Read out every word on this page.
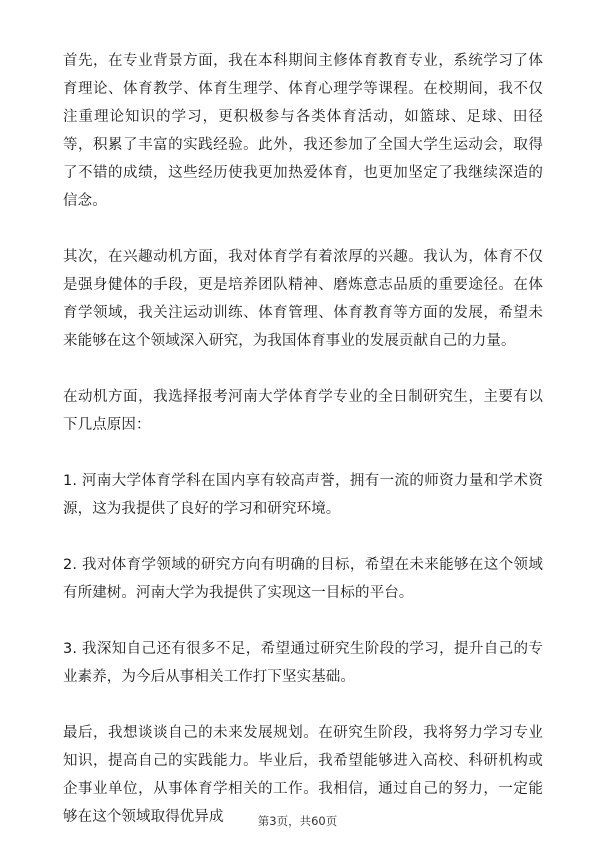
首先，在专业背景方面，我在本科期间主修体育教育专业，系统学习了体育理论、体育教学、体育生理学、体育心理学等课程。在校期间，我不仅注重理论知识的学习，更积极参与各类体育活动，如篮球、足球、田径等，积累了丰富的实践经验。此外，我还参加了全国大学生运动会，取得了不错的成绩，这些经历使我更加热爱体育，也更加坚定了我继续深造的信念。

其次，在兴趣动机方面，我对体育学有着浓厚的兴趣。我认为，体育不仅是强身健体的手段，更是培养团队精神、磨炼意志品质的重要途径。在体育学领域，我关注运动训练、体育管理、体育教育等方面的发展，希望未来能够在这个领域深入研究，为我国体育事业的发展贡献自己的力量。

在动机方面，我选择报考河南大学体育学专业的全日制研究生，主要有以下几点原因：

1. 河南大学体育学科在国内享有较高声誉，拥有一流的师资力量和学术资源，这为我提供了良好的学习和研究环境。

2. 我对体育学领域的研究方向有明确的目标，希望在未来能够在这个领域有所建树。河南大学为我提供了实现这一目标的平台。

3. 我深知自己还有很多不足，希望通过研究生阶段的学习，提升自己的专业素养，为今后从事相关工作打下坚实基础。

最后，我想谈谈自己的未来发展规划。在研究生阶段，我将努力学习专业知识，提高自己的实践能力。毕业后，我希望能够进入高校、科研机构或企事业单位，从事体育学相关的工作。我相信，通过自己的努力，一定能够在这个领域取得优异成	第3页，共60页
